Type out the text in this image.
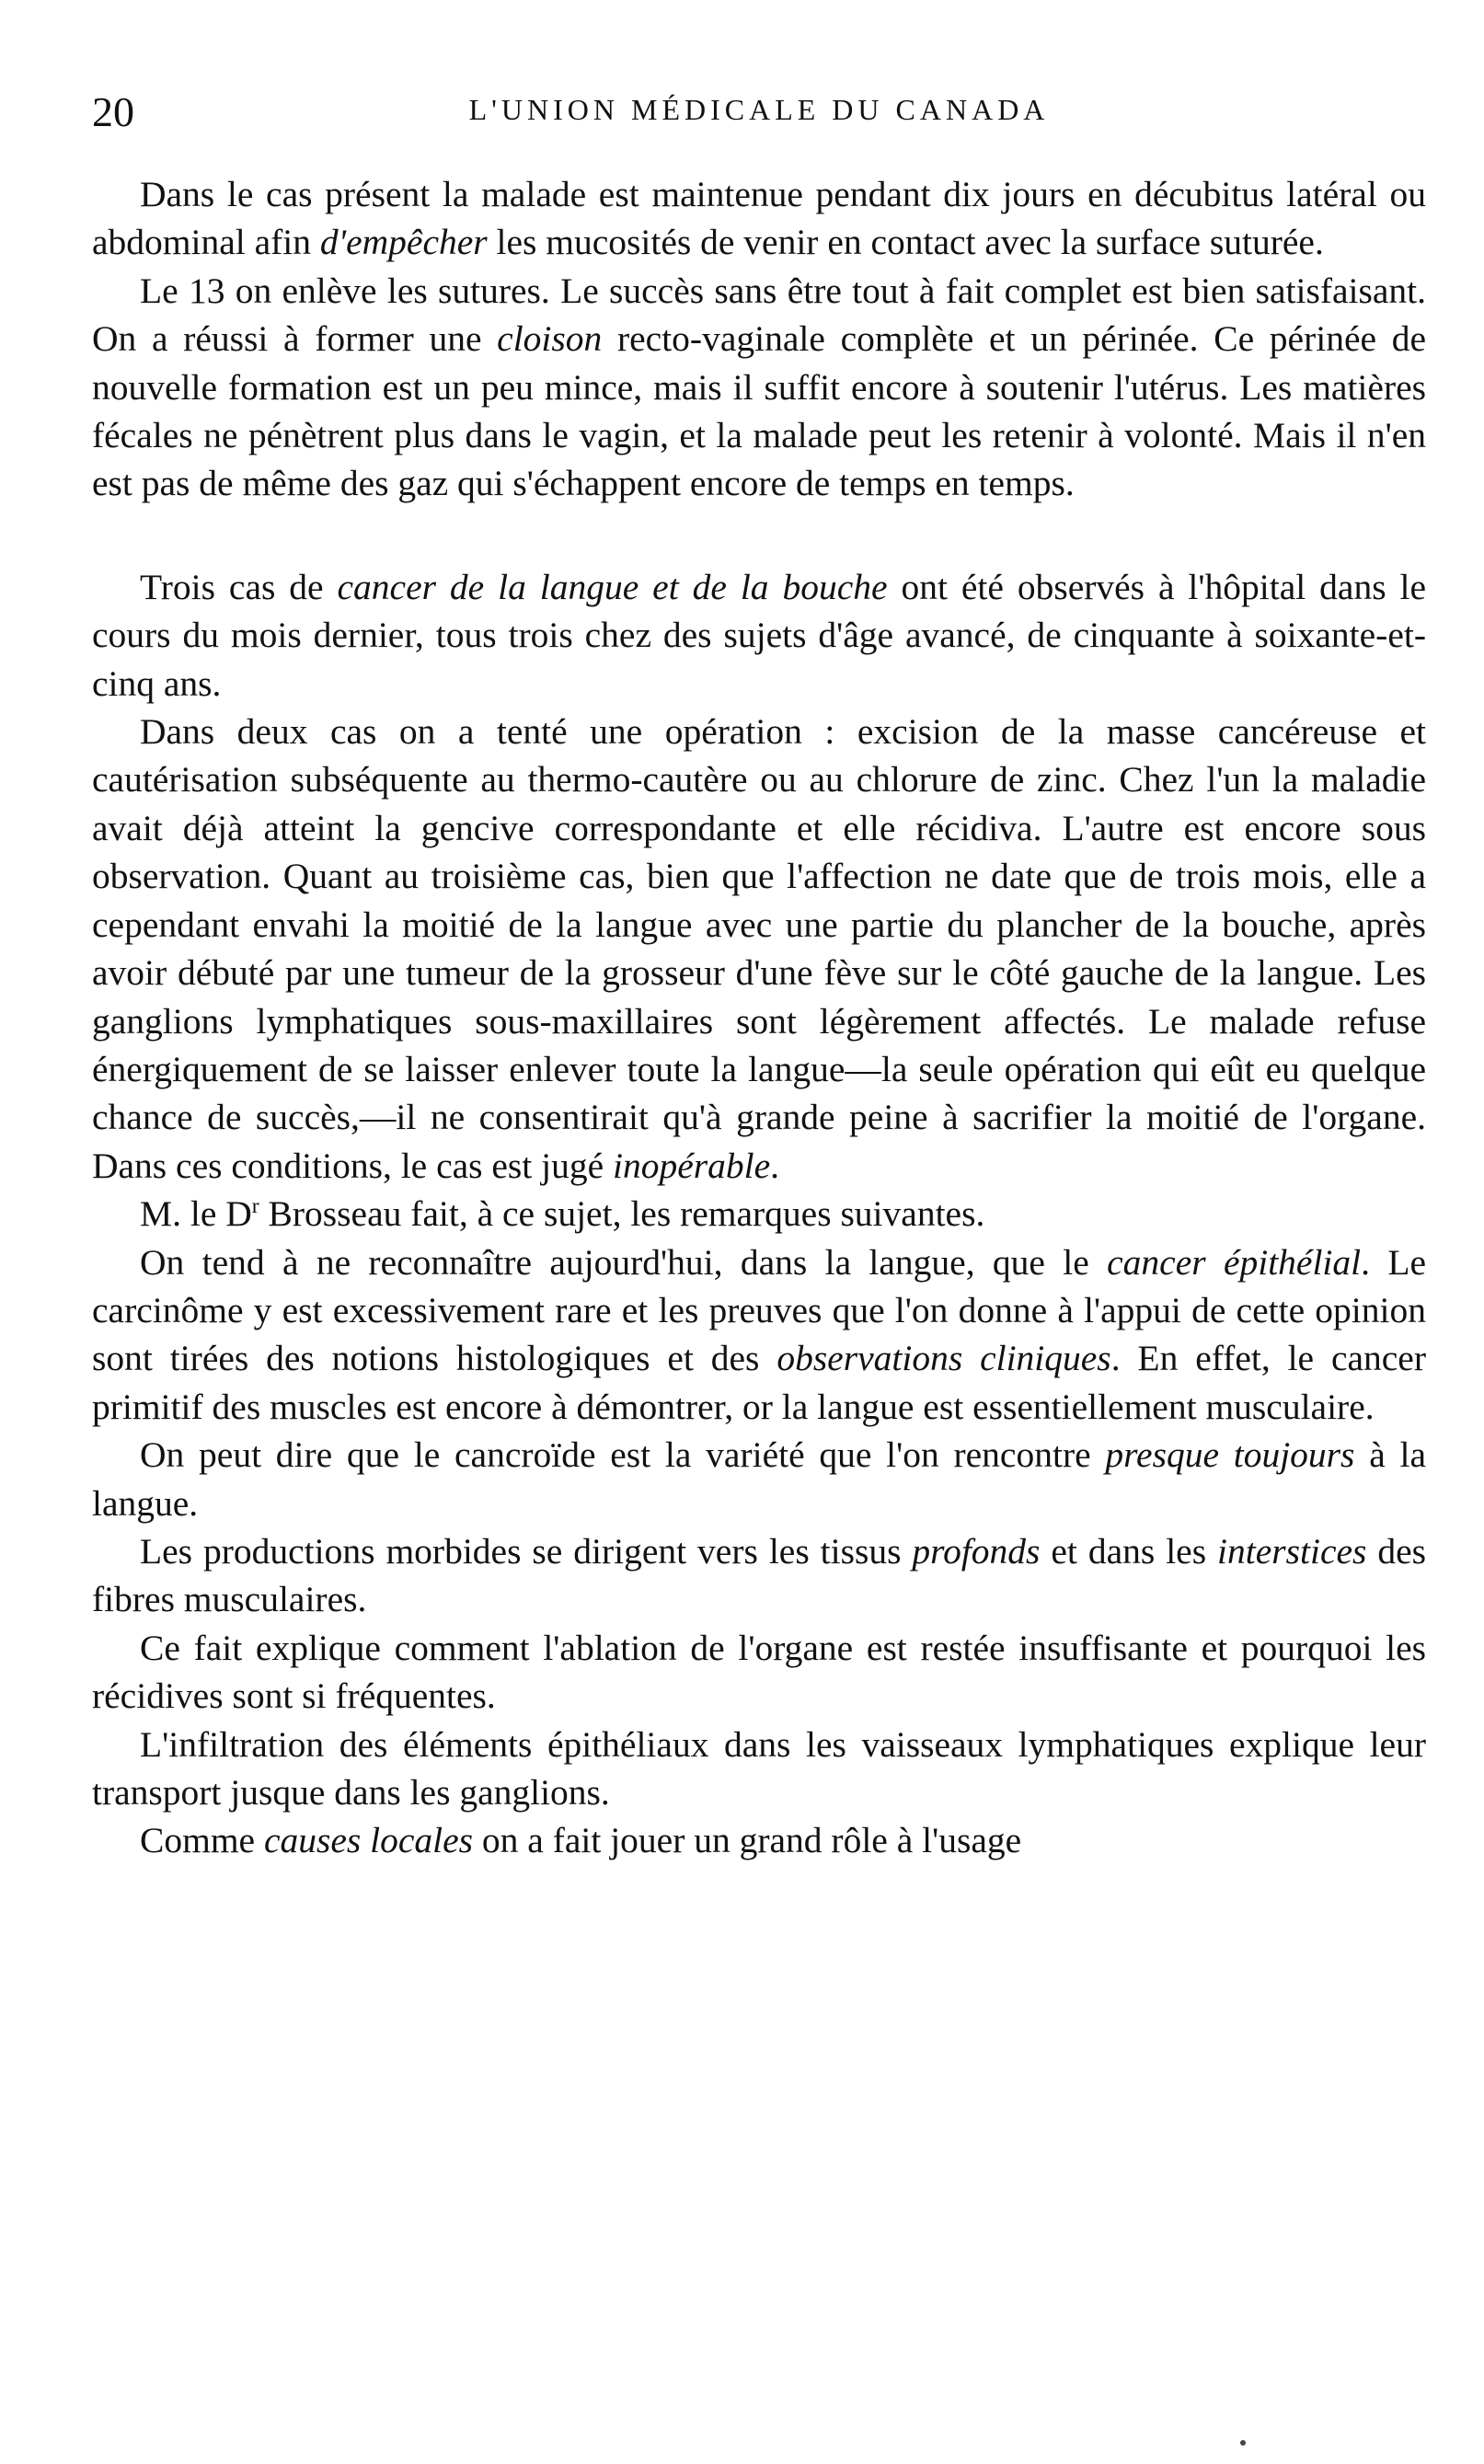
20	L'UNION MÉDICALE DU CANADA

Dans le cas présent la malade est maintenue pendant dix jours en décubitus latéral ou abdominal afin d'empêcher les mucosités de venir en contact avec la surface suturée.

Le 13 on enlève les sutures. Le succès sans être tout à fait complet est bien satisfaisant. On a réussi à former une cloison recto-vaginale complète et un périnée. Ce périnée de nouvelle formation est un peu mince, mais il suffit encore à soutenir l'utérus. Les matières fécales ne pénètrent plus dans le vagin, et la malade peut les retenir à volonté. Mais il n'en est pas de même des gaz qui s'échappent encore de temps en temps.

Trois cas de cancer de la langue et de la bouche ont été observés à l'hôpital dans le cours du mois dernier, tous trois chez des sujets d'âge avancé, de cinquante à soixante-et-cinq ans.

Dans deux cas on a tenté une opération : excision de la masse cancéreuse et cautérisation subséquente au thermo-cautère ou au chlorure de zinc. Chez l'un la maladie avait déjà atteint la gencive correspondante et elle récidiva. L'autre est encore sous observation. Quant au troisième cas, bien que l'affection ne date que de trois mois, elle a cependant envahi la moitié de la langue avec une partie du plancher de la bouche, après avoir débuté par une tumeur de la grosseur d'une fève sur le côté gauche de la langue. Les ganglions lymphatiques sous-maxillaires sont légèrement affectés. Le malade refuse énergiquement de se laisser enlever toute la langue—la seule opération qui eût eu quelque chance de succès,—il ne consentirait qu'à grande peine à sacrifier la moitié de l'organe. Dans ces conditions, le cas est jugé inopérable.

M. le $D^r$ Brosseau fait, à ce sujet, les remarques suivantes.

On tend à ne reconnaître aujourd'hui, dans la langue, que le cancer épithélial. Le carcinôme y est excessivement rare et les preuves que l'on donne à l'appui de cette opinion sont tirées des notions histologiques et des observations cliniques. En effet, le cancer primitif des muscles est encore à démontrer, or la langue est essentiellement musculaire.

On peut dire que le cancroïde est la variété que l'on rencontre presque toujours à la langue.

Les productions morbides se dirigent vers les tissus profonds et dans les interstices des fibres musculaires.

Ce fait explique comment l'ablation de l'organe est restée insuffisante et pourquoi les récidives sont si fréquentes.

L'infiltration des éléments épithéliaux dans les vaisseaux lymphatiques explique leur transport jusque dans les ganglions.

Comme causes locales on a fait jouer un grand rôle à l'usage
